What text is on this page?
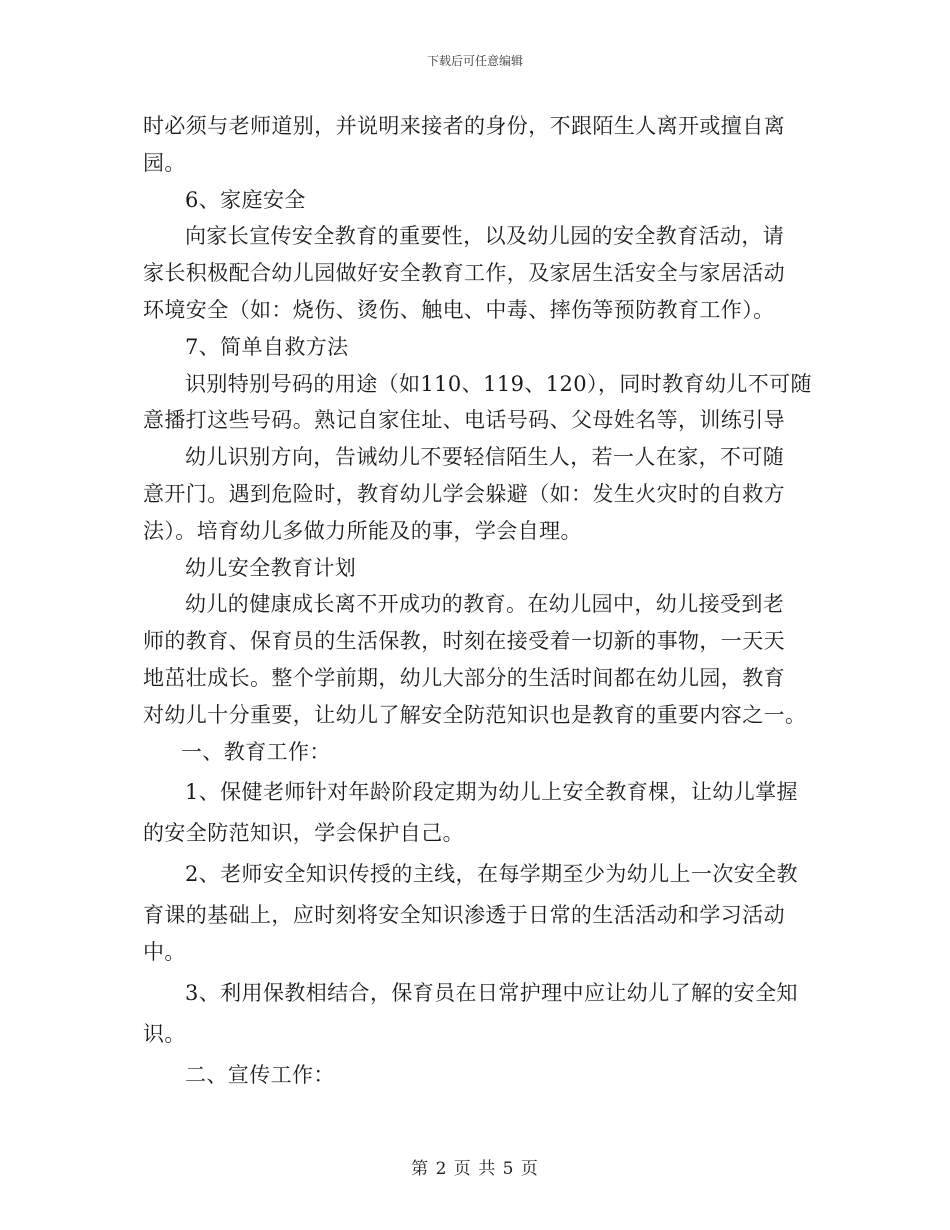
下载后可任意编辑
时必须与老师道别，并说明来接者的身份，不跟陌生人离开或擅自离
园。
6、家庭安全
向家长宣传安全教育的重要性，以及幼儿园的安全教育活动，请
家长积极配合幼儿园做好安全教育工作，及家居生活安全与家居活动
环境安全（如：烧伤、烫伤、触电、中毒、摔伤等预防教育工作）。
7、简单自救方法
识别特别号码的用途（如110、119、120），同时教育幼儿不可随
意播打这些号码。熟记自家住址、电话号码、父母姓名等，训练引导
幼儿识别方向，告诫幼儿不要轻信陌生人，若一人在家，不可随
意开门。遇到危险时，教育幼儿学会躲避（如：发生火灾时的自救方
法）。培育幼儿多做力所能及的事，学会自理。
幼儿安全教育计划
幼儿的健康成长离不开成功的教育。在幼儿园中，幼儿接受到老
师的教育、保育员的生活保教，时刻在接受着一切新的事物，一天天
地茁壮成长。整个学前期，幼儿大部分的生活时间都在幼儿园，教育
对幼儿十分重要，让幼儿了解安全防范知识也是教育的重要内容之一。
一、教育工作：
1、保健老师针对年龄阶段定期为幼儿上安全教育棵，让幼儿掌握
的安全防范知识，学会保护自己。
2、老师安全知识传授的主线，在每学期至少为幼儿上一次安全教
育课的基础上，应时刻将安全知识渗透于日常的生活活动和学习活动
中。
3、利用保教相结合，保育员在日常护理中应让幼儿了解的安全知
识。
二、宣传工作：
第 2 页 共 5 页
